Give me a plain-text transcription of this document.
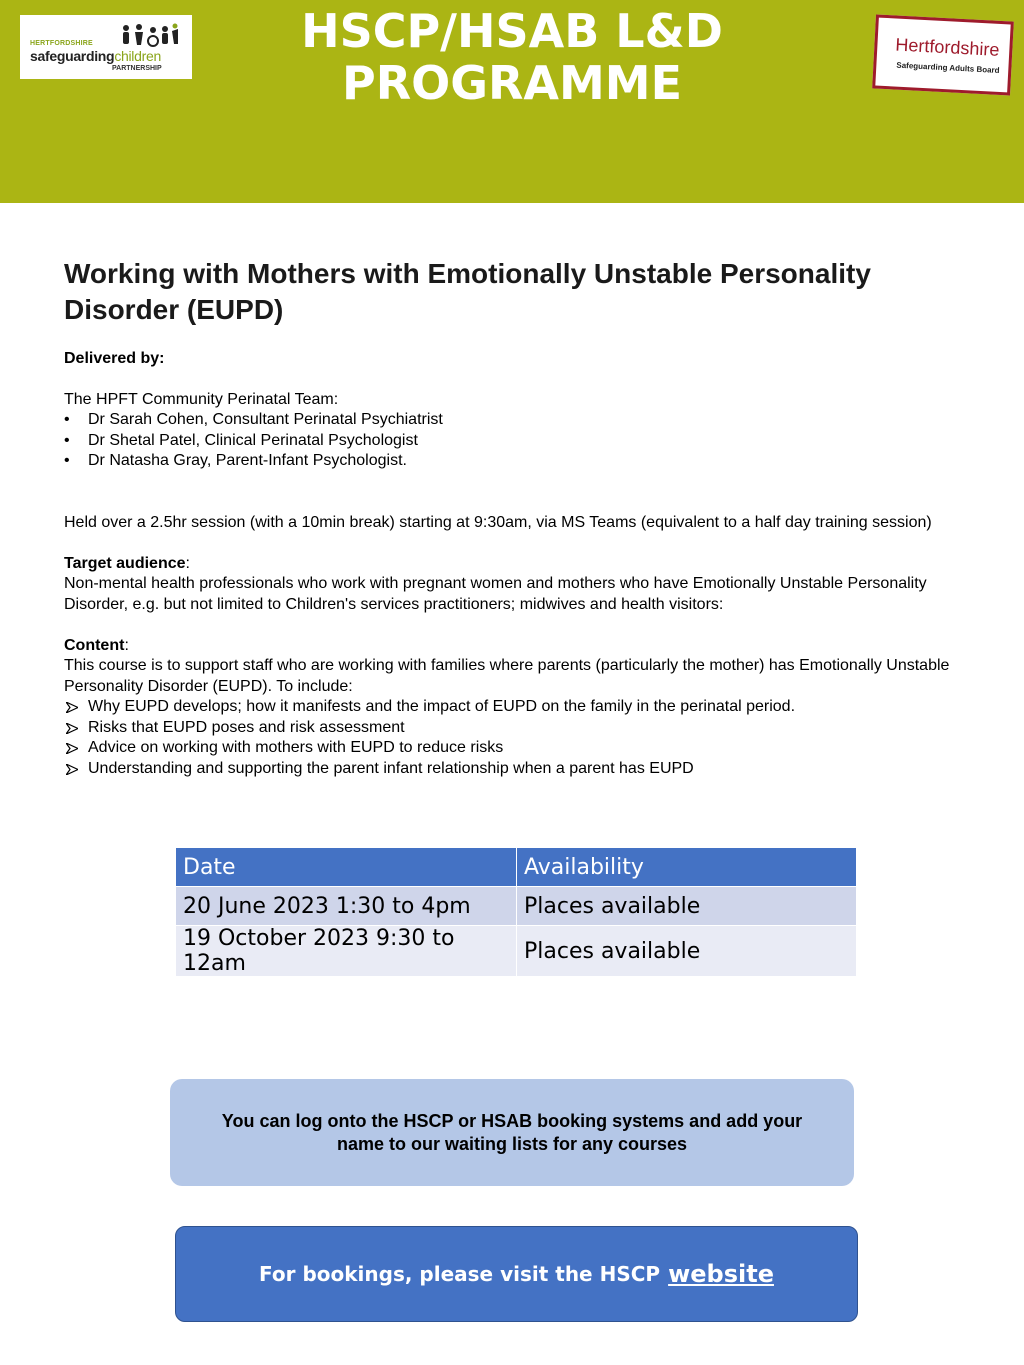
HERTFORDSHIRE
safeguardingchildren
PARTNERSHIP
HSCP/HSAB L&D
PROGRAMME
Hertfordshire
Safeguarding Adults Board
Working with Mothers with Emotionally Unstable Personality Disorder (EUPD)

Delivered by:

The HPFT Community Perinatal Team:

• Dr Sarah Cohen, Consultant Perinatal Psychiatrist
• Dr Shetal Patel, Clinical Perinatal Psychologist
• Dr Natasha Gray, Parent-Infant Psychologist.

Held over a 2.5hr session (with a 10min break) starting at 9:30am, via MS Teams (equivalent to a half day training session)

Target audience:

Non-mental health professionals who work with pregnant women and mothers who have Emotionally Unstable Personality Disorder, e.g. but not limited to Children's services practitioners; midwives and health visitors:

Content:

This course is to support staff who are working with families where parents (particularly the mother) has Emotionally Unstable Personality Disorder (EUPD). To include:

Why EUPD develops; how it manifests and the impact of EUPD on the family in the perinatal period.
Risks that EUPD poses and risk assessment
Advice on working with mothers with EUPD to reduce risks
Understanding and supporting the parent infant relationship when a parent has EUPD
Date	Availability
20 June 2023 1:30 to 4pm	Places available
19 October 2023 9:30 to 12am	Places available
You can log onto the HSCP or HSAB booking systems and add your name to our waiting lists for any courses
For bookings, please visit the HSCP website
